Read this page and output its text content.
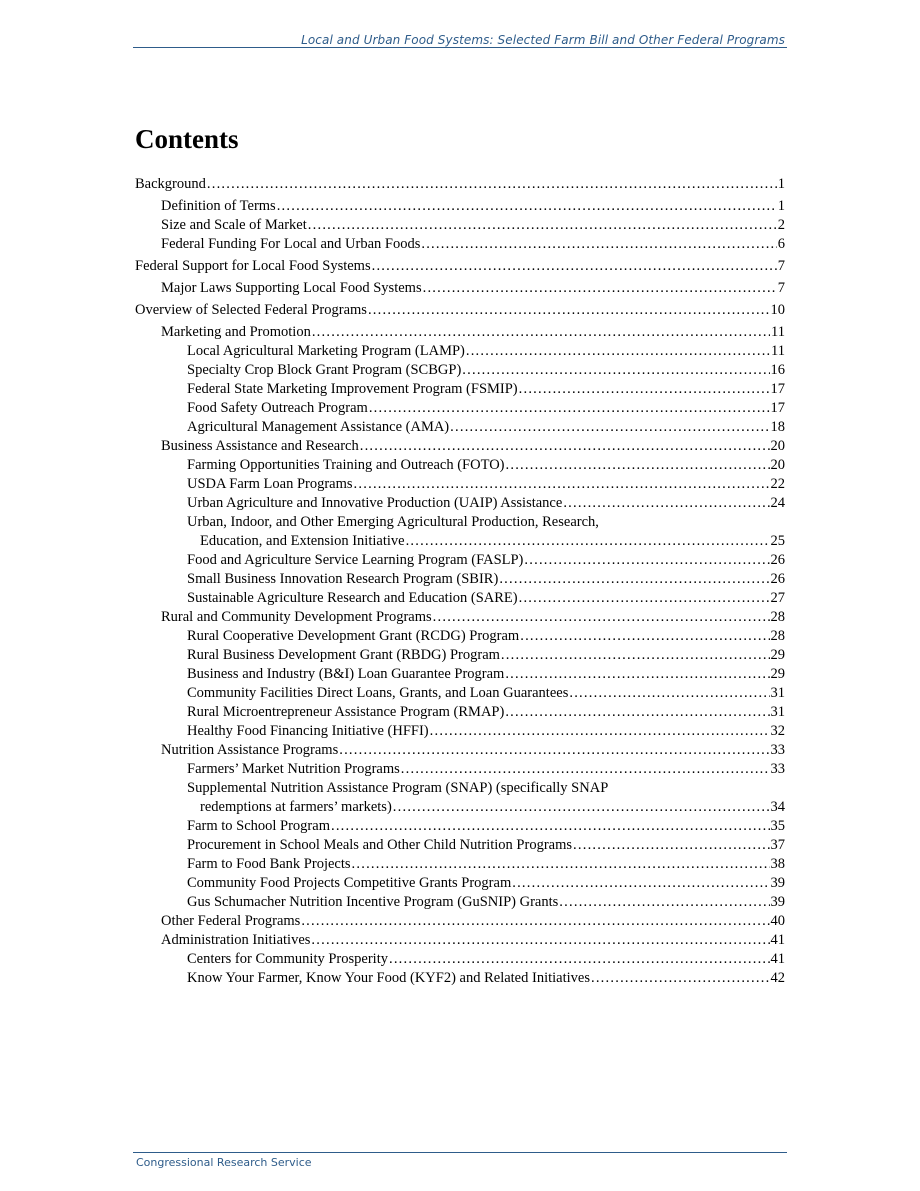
Local and Urban Food Systems: Selected Farm Bill and Other Federal Programs
Contents
Background . . .	1
Definition of Terms . . .	1
Size and Scale of Market . . .	2
Federal Funding For Local and Urban Foods . . .	6
Federal Support for Local Food Systems . . .	7
Major Laws Supporting Local Food Systems . . .	7
Overview of Selected Federal Programs . . .	10
Marketing and Promotion . . .	11
Local Agricultural Marketing Program (LAMP) . . .	11
Specialty Crop Block Grant Program (SCBGP) . . .	16
Federal State Marketing Improvement Program (FSMIP) . . .	17
Food Safety Outreach Program . . .	17
Agricultural Management Assistance (AMA) . . .	18
Business Assistance and Research . . .	20
Farming Opportunities Training and Outreach (FOTO) . . .	20
USDA Farm Loan Programs . . .	22
Urban Agriculture and Innovative Production (UAIP) Assistance . . .	24
Urban, Indoor, and Other Emerging Agricultural Production, Research,
Education, and Extension Initiative . . .	25
Food and Agriculture Service Learning Program (FASLP) . . .	26
Small Business Innovation Research Program (SBIR) . . .	26
Sustainable Agriculture Research and Education (SARE) . . .	27
Rural and Community Development Programs . . .	28
Rural Cooperative Development Grant (RCDG) Program . . .	28
Rural Business Development Grant (RBDG) Program . . .	29
Business and Industry (B&I) Loan Guarantee Program . . .	29
Community Facilities Direct Loans, Grants, and Loan Guarantees . . .	31
Rural Microentrepreneur Assistance Program (RMAP) . . .	31
Healthy Food Financing Initiative (HFFI) . . .	32
Nutrition Assistance Programs . . .	33
Farmers’ Market Nutrition Programs . . .	33
Supplemental Nutrition Assistance Program (SNAP) (specifically SNAP
redemptions at farmers’ markets) . . .	34
Farm to School Program . . .	35
Procurement in School Meals and Other Child Nutrition Programs . . .	37
Farm to Food Bank Projects . . .	38
Community Food Projects Competitive Grants Program . . .	39
Gus Schumacher Nutrition Incentive Program (GuSNIP) Grants . . .	39
Other Federal Programs . . .	40
Administration Initiatives . . .	41
Centers for Community Prosperity . . .	41
Know Your Farmer, Know Your Food (KYF2) and Related Initiatives . . .	42
Congressional Research Service
